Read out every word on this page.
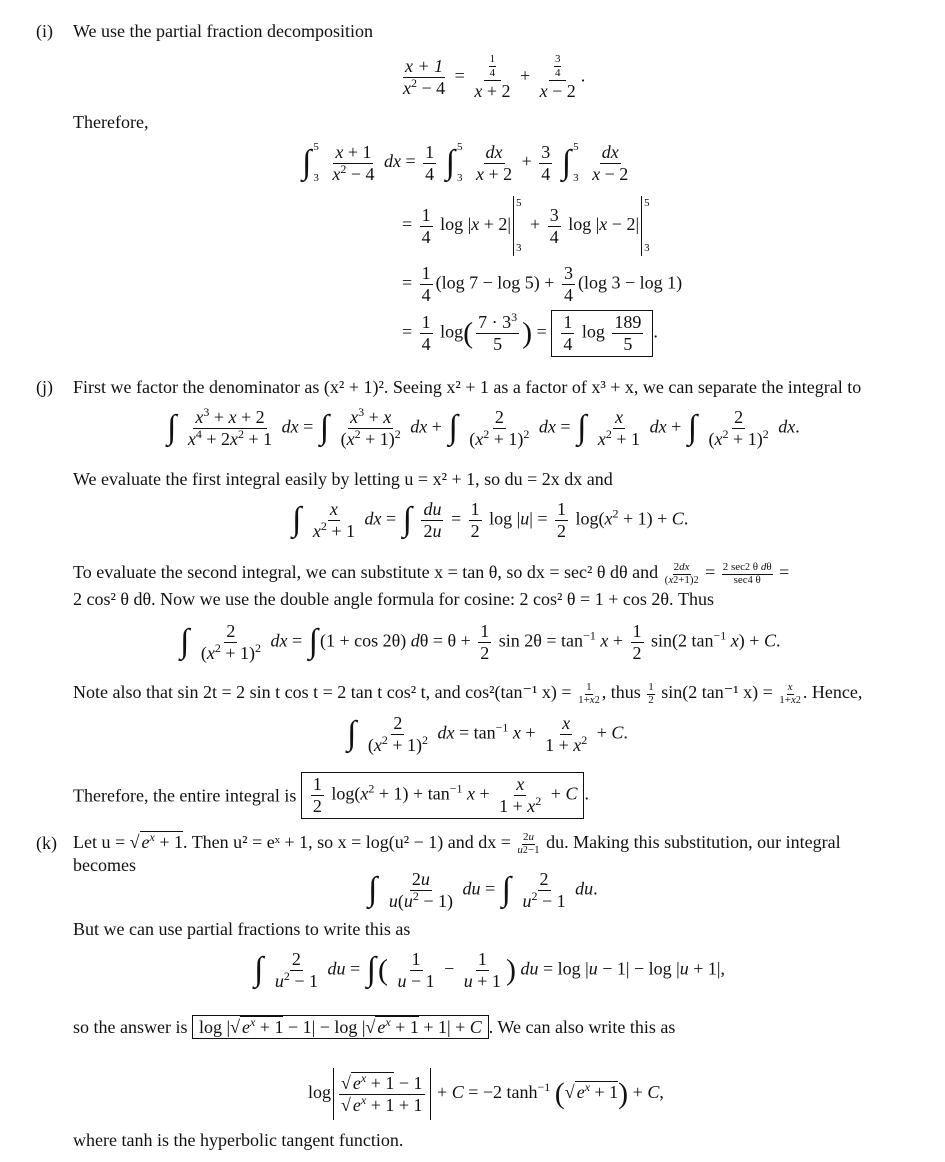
(i) We use the partial fraction decomposition
$\frac{x + 1}{x^2 - 4} = \frac{\frac{1}{4}}{x + 2} + \frac{\frac{3}{4}}{x - 2}$ .
Therefore,
∫ 5
3
$\frac{x + 1}{x^2 - 4}$ dx = $\frac{1}{4}$ ∫ 5
3
$\frac{dx}{x + 2} + \frac{3}{4}$ ∫ 5
3
$\frac{dx}{x - 2}$
= $\frac{1}{4}$ log |x + 2|
5
3
+ $\frac{3}{4}$ log |x − 2|
5
3
= $\frac{1}{4} (\log$ $7 - \log 5) + \frac{3}{4} (\log$ 3 − log 1)
= $\frac{1}{4} \log( \frac{7 \cdot 3^3}{5}$ ) = $\frac{1}{4}$ $\log \frac{189}{5}$ .
(j) First we factor the denominator as (x² + 1)². Seeing x² + 1 as a factor of x³ + x, we can separate the integral to
∫ $\frac{x^3 + x + 2}{x^4 + 2x^2 + 1}$ dx = ∫ $\frac{x^3 + x}{(x^2 + 1)^2}$ dx + ∫ $\frac{2}{(x^2 + 1)^2}$ dx = ∫ $\frac{x}{x^2 + 1}$ dx + ∫ $\frac{2}{(x^2 + 1)^2}$ dx.
We evaluate the first integral easily by letting u = x² + 1, so du = 2x dx and
∫ $\frac{x}{x^2 + 1}$ dx = ∫ $\frac{du}{2u} = \frac{1}{2}$ $\log |u| = \frac{1}{2} \log(x^2 + 1) + C$.
To evaluate the second integral, we can substitute x = tan θ, so dx = sec² θ dθ and $\frac{2dx}{(x2+1)2} = 2$ sec2 θ dθ
sec4 θ =
2 cos² θ dθ. Now we use the double angle formula for cosine: 2 cos² θ = 1 + cos 2θ. Thus
∫ $\frac{2}{(x^2 + 1)^2}$ dx = ∫ (1 + cos 2θ) $d\theta = \theta + \frac{1}{2}$ $\sin 2\theta = \tan^{-1} x + \frac{1}{2} \sin(2$ $\tan^{-1} x) + C$.
Note also that sin 2t = 2 sin t cos t = 2 tan t cos² t, and cos²(tan⁻¹ $x) = \frac{1}{1+x2}$ , thus $\frac{1}{2} \sin(2$ tan⁻¹ $x) = \frac{x}{1+x2}$ . Hence,
∫ $\frac{2}{(x^2 + 1)^2}$ dx = $\tan^{-1} x + \frac{x}{1 + x^2} + C$.
Therefore, the entire integral is $\frac{1}{2} \log(x^2 + 1) + \tan^{-1} x + \frac{x}{1 + x^2} + C$ .
(k) Let u = √ $e^x + 1$. Then u² = eˣ + 1, so x = log(u² − 1) and dx = $\frac{2u}{u2-1}$ du. Making this substitution, our integral
becomes
∫ $\frac{2u}{u(u^2 - 1)}$ du = ∫ $\frac{2}{u^2 - 1}$ du.
But we can use partial fractions to write this as
∫ $\frac{2}{u^2 - 1}$ du = ∫( $\frac{1}{u - 1} - \frac{1}{u + 1}$ ) du = log |u − 1| − log |u + 1|,
so the answer is log |√ $e^x + 1 - 1| - \log$ |√ $e^x + 1 + 1| + C$ . We can also write this as
$\log \frac{√ e^x + 1 - 1}{√ e^x + 1 + 1} + C = -2$ $\tanh^{-1}$ (√ $e^x + 1) + C$,
where tanh is the hyperbolic tangent function.
